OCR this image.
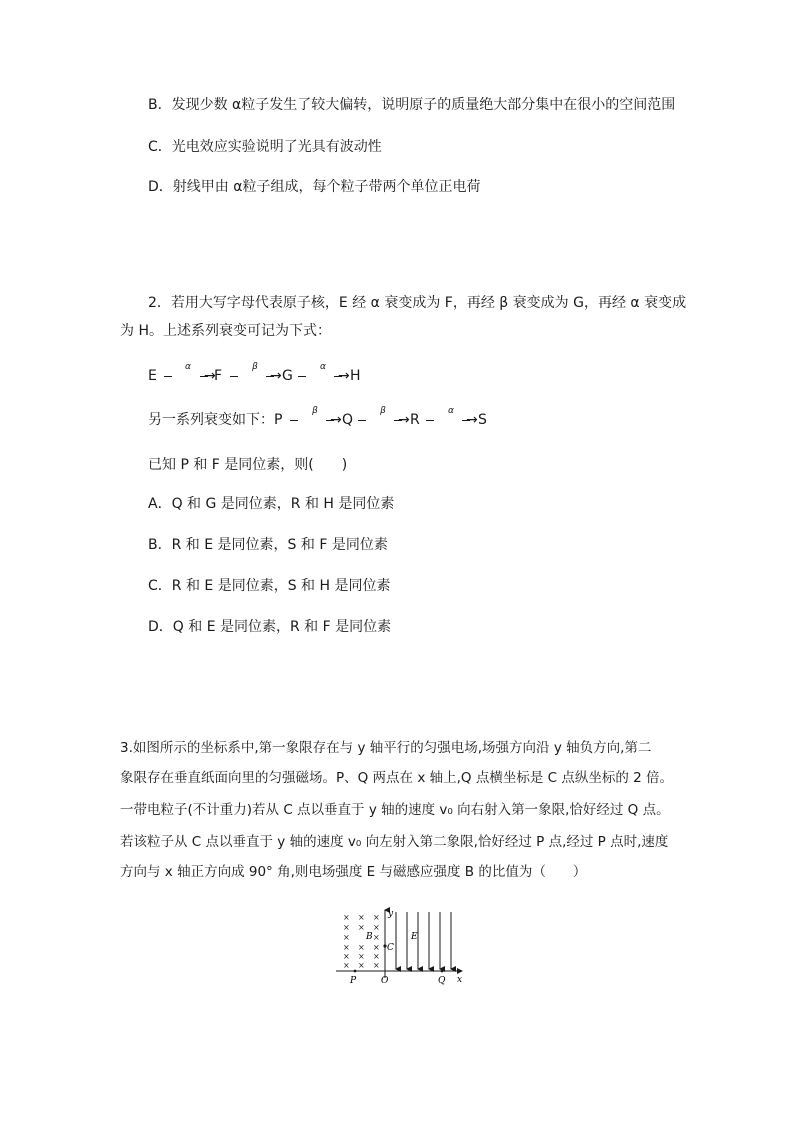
B．发现少数 α粒子发生了较大偏转，说明原子的质量绝大部分集中在很小的空间范围
C．光电效应实验说明了光具有波动性
D．射线甲由 α粒子组成，每个粒子带两个单位正电荷
2．若用大写字母代表原子核，E 经 α 衰变成为 F，再经 β 衰变成为 G，再经 α 衰变成
为 H。上述系列衰变可记为下式：
E
α
→
F
β
→ G
α
→ H
另一系列衰变如下： P
β
→ Q
β
→ R
α
→ S
已知 P 和 F 是同位素，则(　　)
A．Q 和 G 是同位素，R 和 H 是同位素
B．R 和 E 是同位素，S 和 F 是同位素
C．R 和 E 是同位素，S 和 H 是同位素
D．Q 和 E 是同位素，R 和 F 是同位素
3.如图所示的坐标系中,第一象限存在与 y 轴平行的匀强电场,场强方向沿 y 轴负方向,第二
象限存在垂直纸面向里的匀强磁场。P、Q 两点在 x 轴上,Q 点横坐标是 C 点纵坐标的 2 倍。
一带电粒子(不计重力)若从 C 点以垂直于 y 轴的速度 v₀ 向右射入第一象限,恰好经过 Q 点。
若该粒子从 C 点以垂直于 y 轴的速度 v₀ 向左射入第二象限,恰好经过 P 点,经过 P 点时,速度
方向与 x 轴正方向成 90° 角,则电场强度 E 与磁感应强度 B 的比值为（　　）
× × ×
× × ×
×	×
× × ×
× × ×
× × ×
B	E
C
P	O	Q x
y
